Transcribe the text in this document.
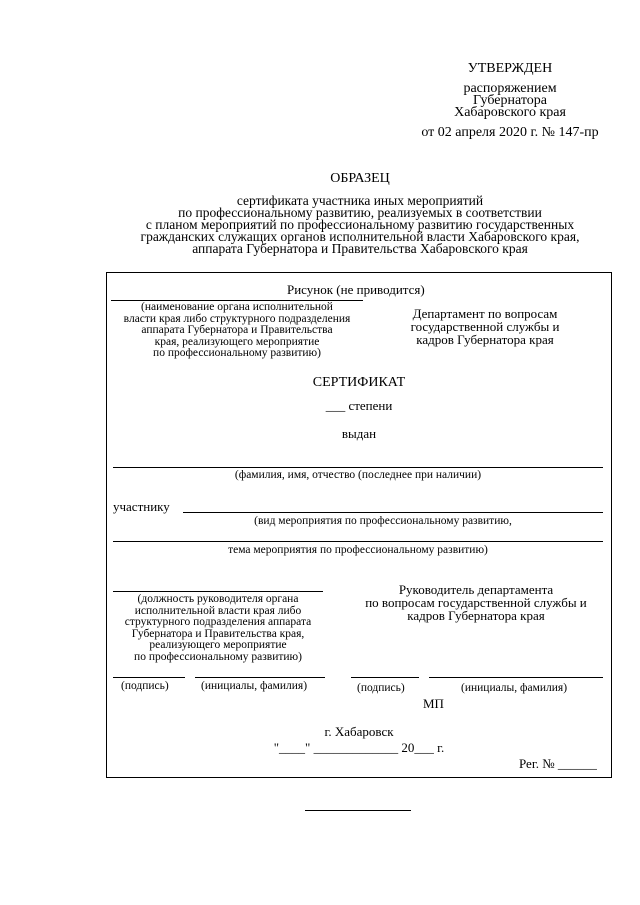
УТВЕРЖДЕН
распоряжением
Губернатора
Хабаровского края
от 02 апреля 2020 г. № 147-пр
ОБРАЗЕЦ
сертификата участника иных мероприятий
по профессиональному развитию, реализуемых в соответствии
с планом мероприятий по профессиональному развитию государственных
гражданских служащих органов исполнительной власти Хабаровского края,
аппарата Губернатора и Правительства Хабаровского края
Рисунок (не приводится)
(наименование органа исполнительной
власти края либо структурного подразделения
аппарата Губернатора и Правительства
края, реализующего мероприятие
по профессиональному развитию)
Департамент по вопросам
государственной службы и
кадров Губернатора края
СЕРТИФИКАТ
___ степени
выдан
(фамилия, имя, отчество (последнее при наличии)
участнику
(вид мероприятия по профессиональному развитию,
тема мероприятия по профессиональному развитию)
(должность руководителя органа
исполнительной власти края либо
структурного подразделения аппарата
Губернатора и Правительства края,
реализующего мероприятие
по профессиональному развитию)
Руководитель департамента
по вопросам государственной службы и
кадров Губернатора края
(подпись)	(инициалы, фамилия)	(подпись)	(инициалы, фамилия)
МП
г. Хабаровск
"____" _____________ 20___ г.
Рег. № ______
